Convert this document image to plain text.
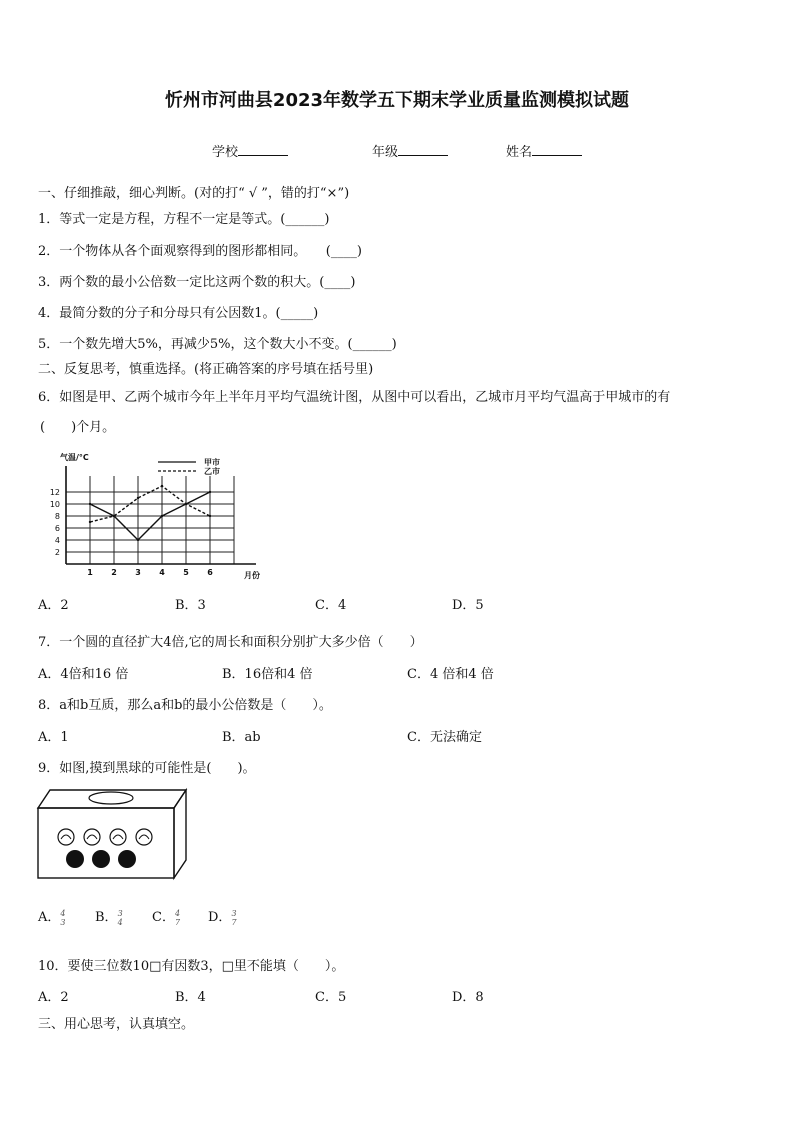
忻州市河曲县2023年数学五下期末学业质量监测模拟试题
学校	年级	姓名
一、仔细推敲，细心判断。(对的打“ √ ”，错的打“×”)
1．等式一定是方程，方程不一定是等式。(______)
2．一个物体从各个面观察得到的图形都相同。　　(____)
3．两个数的最小公倍数一定比这两个数的积大。(____)
4．最简分数的分子和分母只有公因数1。(_____)
5．一个数先增大5%，再减少5%，这个数大小不变。(______)
二、反复思考，慎重选择。(将正确答案的序号填在括号里)
6．如图是甲、乙两个城市今年上半年月平均气温统计图，从图中可以看出，乙城市月平均气温高于甲城市的有
(　　)个月。
2
4
6
8
10
12
1 2 3 4 5 6	月份
气温/°C
甲市
乙市
A．2	B．3	C．4	D．5
7．一个圆的直径扩大4倍,它的周长和面积分别扩大多少倍（　　）
A．4倍和16 倍	B．16倍和4 倍	C．4 倍和4 倍
8．a和b互质，那么a和b的最小公倍数是（　　）。
A．1	B．ab	C．无法确定
9．如图,摸到黑球的可能性是(　　)。
A．4
3 B．3
4 C．4
7 D．3
7
10．要使三位数10□有因数3，□里不能填（　　）。
A．2	B．4	C．5	D．8
三、用心思考，认真填空。
